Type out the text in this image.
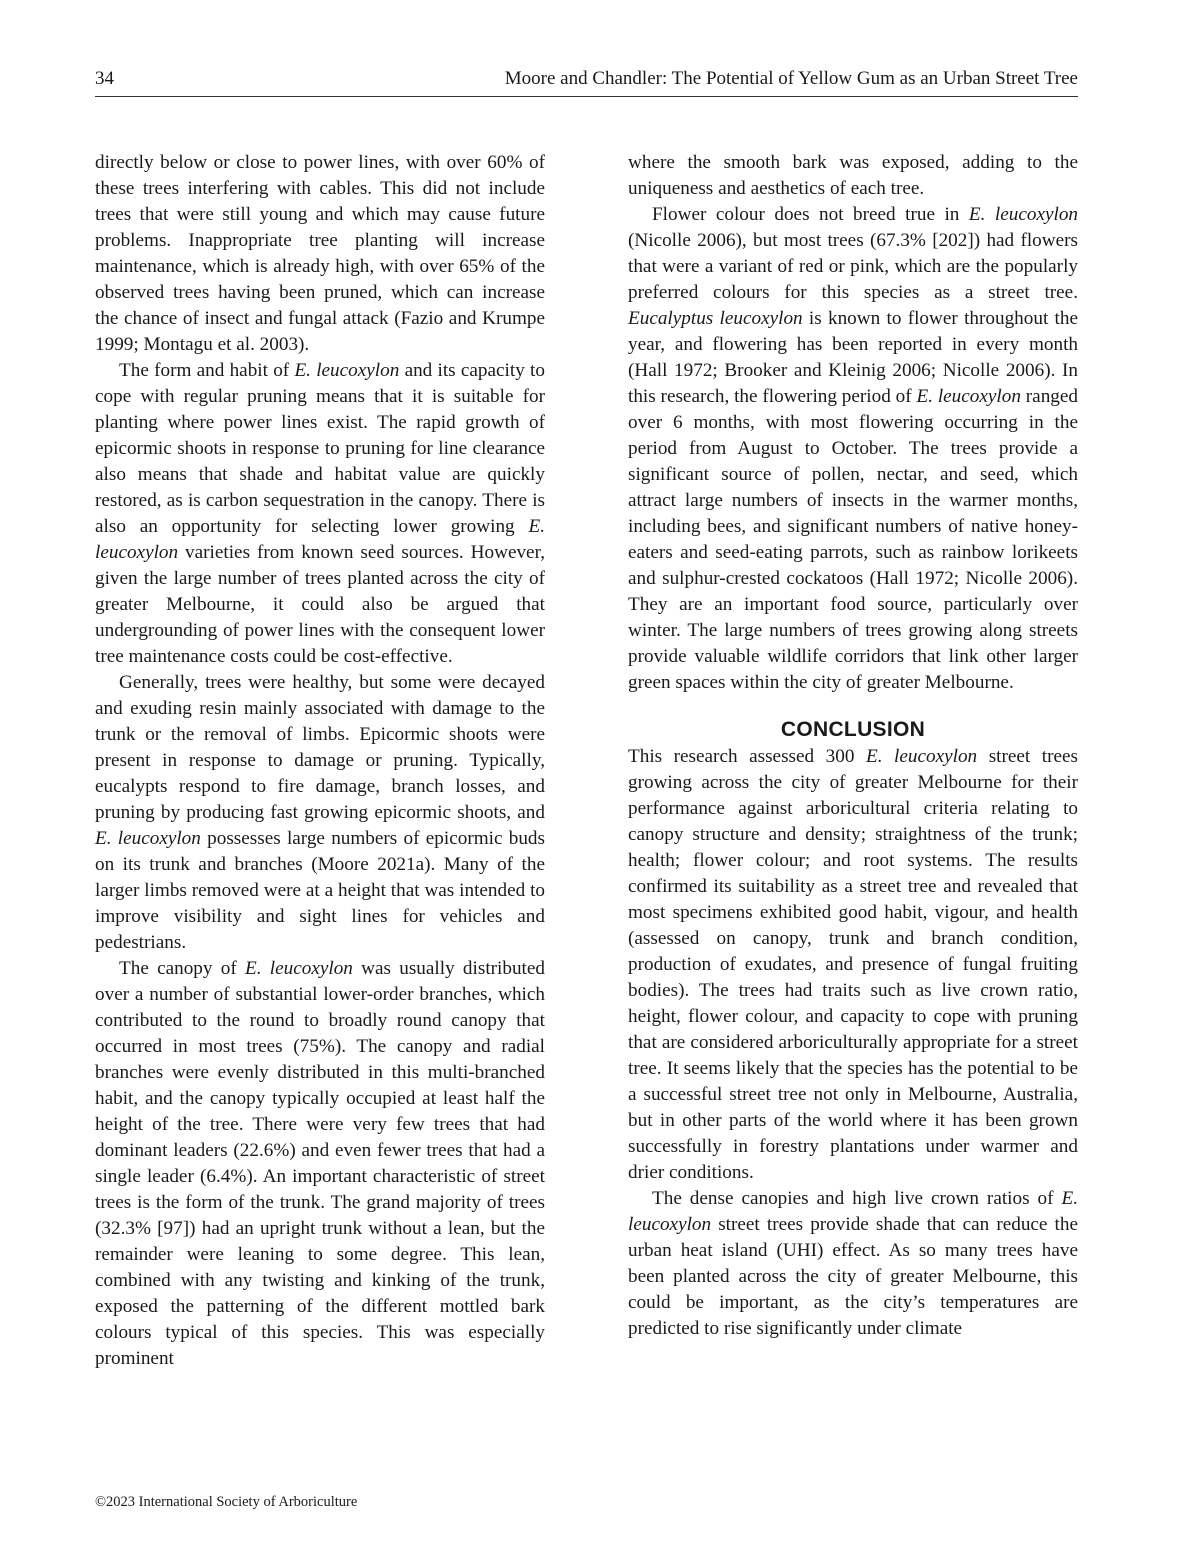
34	Moore and Chandler: The Potential of Yellow Gum as an Urban Street Tree

directly below or close to power lines, with over 60% of these trees interfering with cables. This did not include trees that were still young and which may cause future problems. Inappropriate tree planting will increase maintenance, which is already high, with over 65% of the observed trees having been pruned, which can increase the chance of insect and fungal attack (Fazio and Krumpe 1999; Montagu et al. 2003).

The form and habit of E. leucoxylon and its capacity to cope with regular pruning means that it is suitable for planting where power lines exist. The rapid growth of epicormic shoots in response to pruning for line clearance also means that shade and habitat value are quickly restored, as is carbon sequestration in the canopy. There is also an opportunity for selecting lower growing E. leucoxylon varieties from known seed sources. However, given the large number of trees planted across the city of greater Melbourne, it could also be argued that undergrounding of power lines with the consequent lower tree maintenance costs could be cost-effective.

Generally, trees were healthy, but some were decayed and exuding resin mainly associated with damage to the trunk or the removal of limbs. Epicormic shoots were present in response to damage or pruning. Typically, eucalypts respond to fire damage, branch losses, and pruning by producing fast growing epicormic shoots, and E. leucoxylon possesses large numbers of epicormic buds on its trunk and branches (Moore 2021a). Many of the larger limbs removed were at a height that was intended to improve visibility and sight lines for vehicles and pedestrians.

The canopy of E. leucoxylon was usually distributed over a number of substantial lower-order branches, which contributed to the round to broadly round canopy that occurred in most trees (75%). The canopy and radial branches were evenly distributed in this multi-branched habit, and the canopy typically occupied at least half the height of the tree. There were very few trees that had dominant leaders (22.6%) and even fewer trees that had a single leader (6.4%). An important characteristic of street trees is the form of the trunk. The grand majority of trees (32.3% [97]) had an upright trunk without a lean, but the remainder were leaning to some degree. This lean, combined with any twisting and kinking of the trunk, exposed the patterning of the different mottled bark colours typical of this species. This was especially prominent

where the smooth bark was exposed, adding to the uniqueness and aesthetics of each tree.

Flower colour does not breed true in E. leucoxylon (Nicolle 2006), but most trees (67.3% [202]) had flowers that were a variant of red or pink, which are the popularly preferred colours for this species as a street tree. Eucalyptus leucoxylon is known to flower throughout the year, and flowering has been reported in every month (Hall 1972; Brooker and Kleinig 2006; Nicolle 2006). In this research, the flowering period of E. leucoxylon ranged over 6 months, with most flowering occurring in the period from August to October. The trees provide a significant source of pollen, nectar, and seed, which attract large numbers of insects in the warmer months, including bees, and significant numbers of native honey-eaters and seed-eating parrots, such as rainbow lorikeets and sulphur-crested cockatoos (Hall 1972; Nicolle 2006). They are an important food source, particularly over winter. The large numbers of trees growing along streets provide valuable wildlife corridors that link other larger green spaces within the city of greater Melbourne.

CONCLUSION

This research assessed 300 E. leucoxylon street trees growing across the city of greater Melbourne for their performance against arboricultural criteria relating to canopy structure and density; straightness of the trunk; health; flower colour; and root systems. The results confirmed its suitability as a street tree and revealed that most specimens exhibited good habit, vigour, and health (assessed on canopy, trunk and branch condition, production of exudates, and presence of fungal fruiting bodies). The trees had traits such as live crown ratio, height, flower colour, and capacity to cope with pruning that are considered arboriculturally appropriate for a street tree. It seems likely that the species has the potential to be a successful street tree not only in Melbourne, Australia, but in other parts of the world where it has been grown successfully in forestry plantations under warmer and drier conditions.

The dense canopies and high live crown ratios of E. leucoxylon street trees provide shade that can reduce the urban heat island (UHI) effect. As so many trees have been planted across the city of greater Melbourne, this could be important, as the city’s temperatures are predicted to rise significantly under climate

©2023 International Society of Arboriculture
